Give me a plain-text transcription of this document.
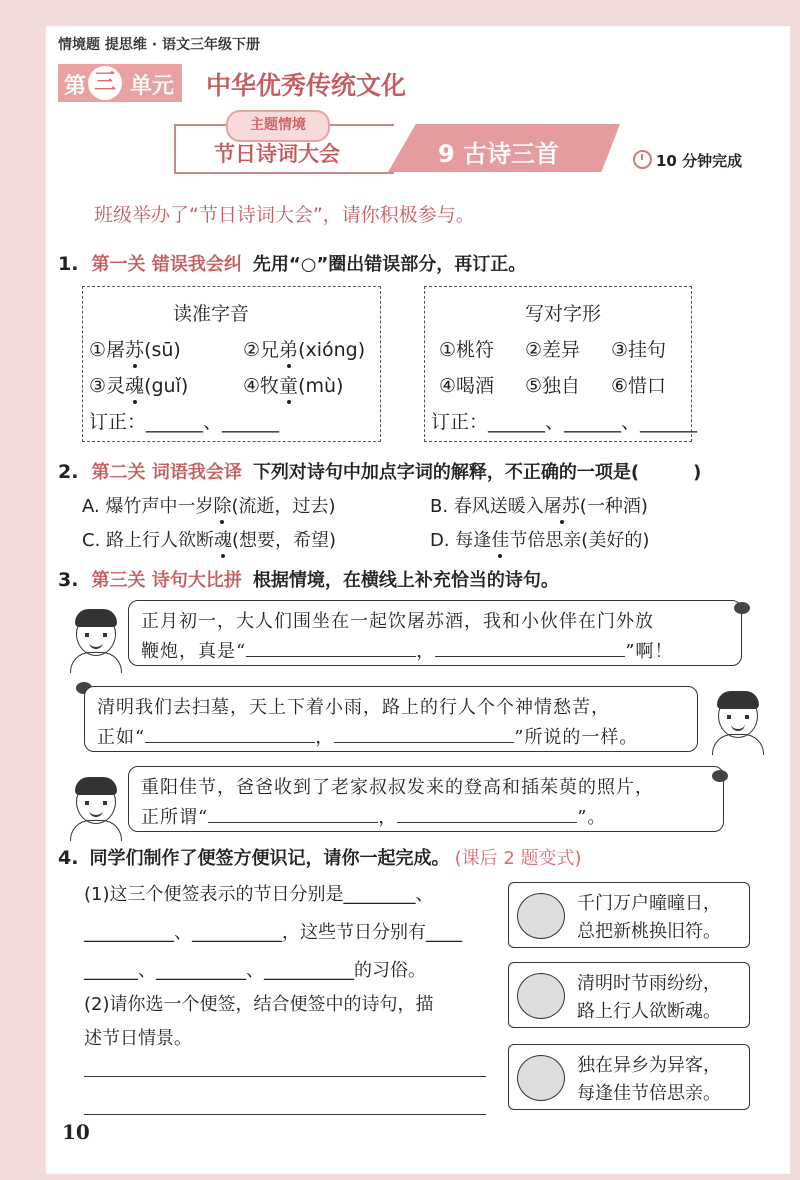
情境题 提思维 · 语文三年级下册
第 单元
三	中华优秀传统文化
主题情境
节日诗词大会	9 古诗三首	10 分钟完成
班级举办了“节日诗词大会”，请你积极参与。
1. 第一关 错误我会纠 先用“○”圈出错误部分，再订正。
读准字音
①屠苏(sū)	②兄弟(xióng)
③灵魂(guǐ)	④牧童(mù)
订正：______、______
写对字形
①桃符 ②差异 ③挂句
④喝酒 ⑤独自 ⑥惜口
订正：______、______、______
2. 第二关 词语我会译 下列对诗句中加点字词的解释，不正确的一项是(　　　)
A. 爆竹声中一岁除(流逝，过去)	B. 春风送暖入屠苏(一种酒)
C. 路上行人欲断魂(想要，希望)	D. 每逢佳节倍思亲(美好的)
3. 第三关 诗句大比拼 根据情境，在横线上补充恰当的诗句。
正月初一，大人们围坐在一起饮屠苏酒，我和小伙伴在门外放
鞭炮，真是“	，	”啊！
清明我们去扫墓，天上下着小雨，路上的行人个个神情愁苦，
正如“	，	”所说的一样。
重阳佳节，爸爸收到了老家叔叔发来的登高和插茱萸的照片，
正所谓“	，	”。
4. 同学们制作了便签方便识记，请你一起完成。 (课后 2 题变式)
(1)这三个便签表示的节日分别是________、
__________、__________，这些节日分别有____
______、__________、__________的习俗。
(2)请你选一个便签，结合便签中的诗句，描
述节日情景。
千门万户曈曈日，
总把新桃换旧符。
清明时节雨纷纷，
路上行人欲断魂。
独在异乡为异客，
每逢佳节倍思亲。
10
